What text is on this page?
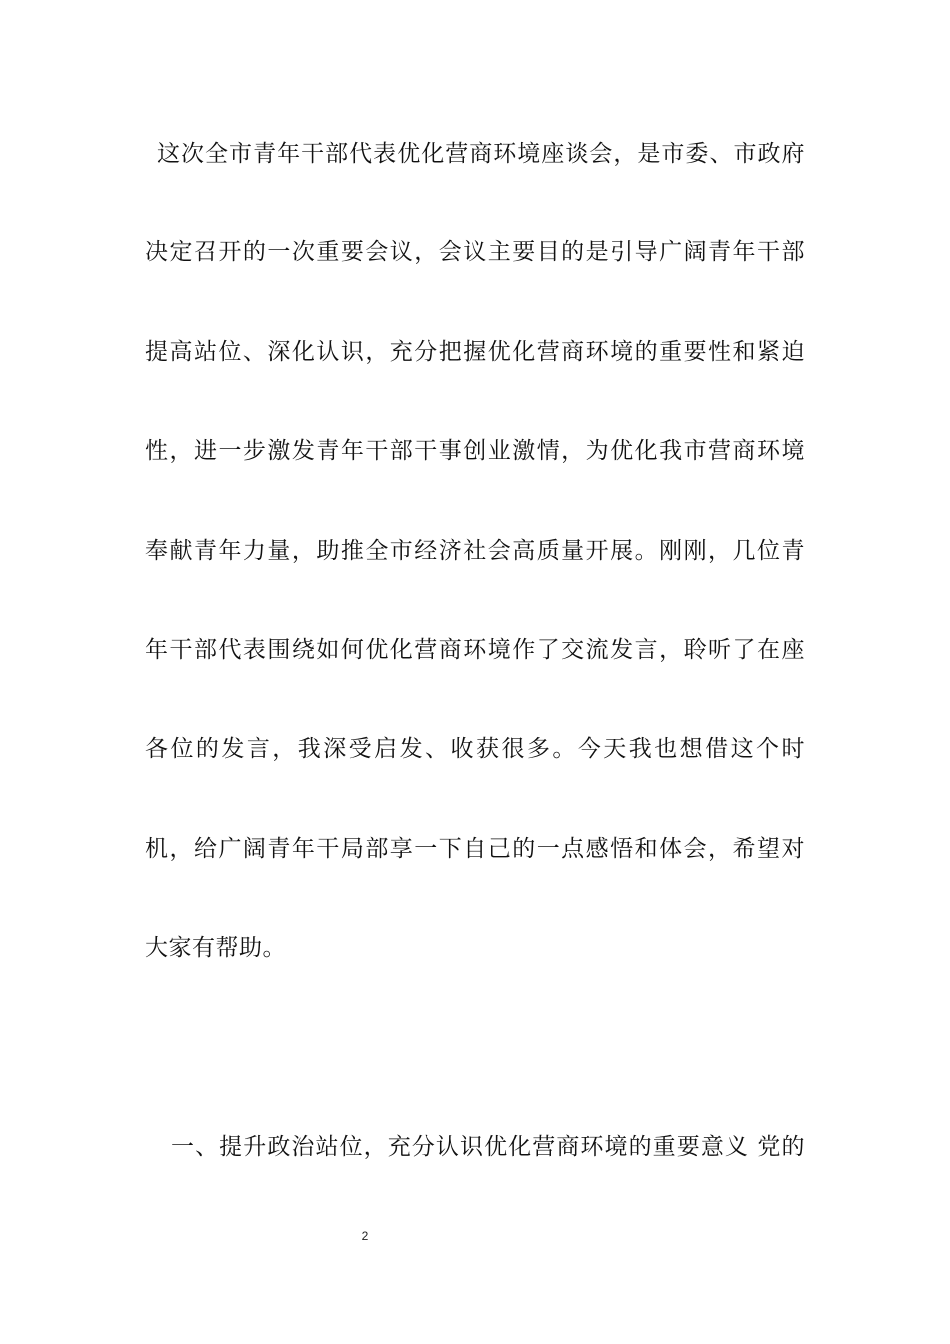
这次全市青年干部代表优化营商环境座谈会，是市委、市政府
决定召开的一次重要会议，会议主要目的是引导广阔青年干部
提高站位、深化认识，充分把握优化营商环境的重要性和紧迫
性，进一步激发青年干部干事创业激情，为优化我市营商环境
奉献青年力量，助推全市经济社会高质量开展。刚刚，几位青
年干部代表围绕如何优化营商环境作了交流发言，聆听了在座
各位的发言，我深受启发、收获很多。今天我也想借这个时
机，给广阔青年干局部享一下自己的一点感悟和体会，希望对
大家有帮助。
一、提升政治站位，充分认识优化营商环境的重要意义 党的
2
